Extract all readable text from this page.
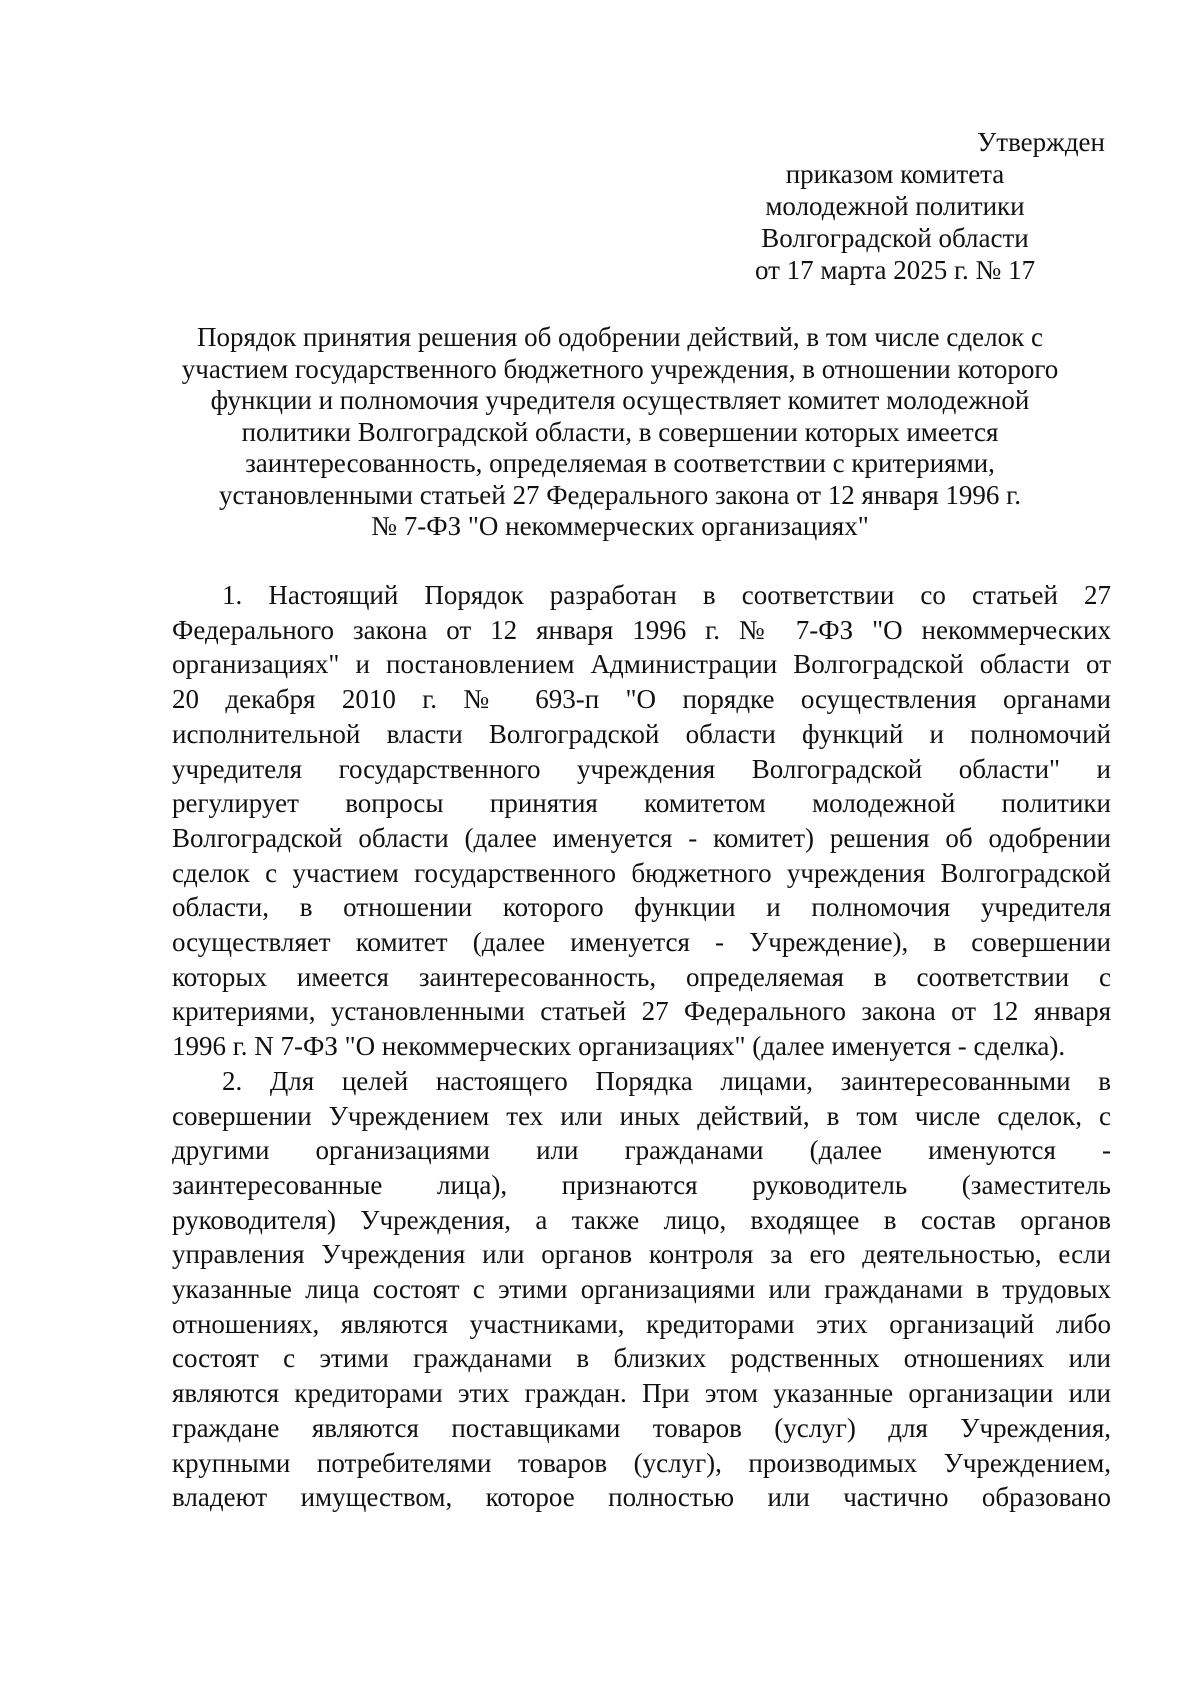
Утвержден
приказом комитета
молодежной политики
Волгоградской области
от 17 марта 2025 г. № 17
Порядок принятия решения об одобрении действий, в том числе сделок с
участием государственного бюджетного учреждения, в отношении которого
функции и полномочия учредителя осуществляет комитет молодежной
политики Волгоградской области, в совершении которых имеется
заинтересованность, определяемая в соответствии с критериями,
установленными статьей 27 Федерального закона от 12 января 1996 г.
№ 7-ФЗ "О некоммерческих организациях"
1. Настоящий Порядок разработан в соответствии со статьей 27
Федерального закона от 12 января 1996 г. № 7-ФЗ "О некоммерческих
организациях" и постановлением Администрации Волгоградской области от
20 декабря 2010 г. № 693-п "О порядке осуществления органами
исполнительной власти Волгоградской области функций и полномочий
учредителя государственного учреждения Волгоградской области" и
регулирует вопросы принятия комитетом молодежной политики
Волгоградской области (далее именуется - комитет) решения об одобрении
сделок с участием государственного бюджетного учреждения Волгоградской
области, в отношении которого функции и полномочия учредителя
осуществляет комитет (далее именуется - Учреждение), в совершении
которых имеется заинтересованность, определяемая в соответствии с
критериями, установленными статьей 27 Федерального закона от 12 января
1996 г. N 7-ФЗ "О некоммерческих организациях" (далее именуется - сделка).
2. Для целей настоящего Порядка лицами, заинтересованными в
совершении Учреждением тех или иных действий, в том числе сделок, с
другими организациями или гражданами (далее именуются -
заинтересованные лица), признаются руководитель (заместитель
руководителя) Учреждения, а также лицо, входящее в состав органов
управления Учреждения или органов контроля за его деятельностью, если
указанные лица состоят с этими организациями или гражданами в трудовых
отношениях, являются участниками, кредиторами этих организаций либо
состоят с этими гражданами в близких родственных отношениях или
являются кредиторами этих граждан. При этом указанные организации или
граждане являются поставщиками товаров (услуг) для Учреждения,
крупными потребителями товаров (услуг), производимых Учреждением,
владеют имуществом, которое полностью или частично образовано
